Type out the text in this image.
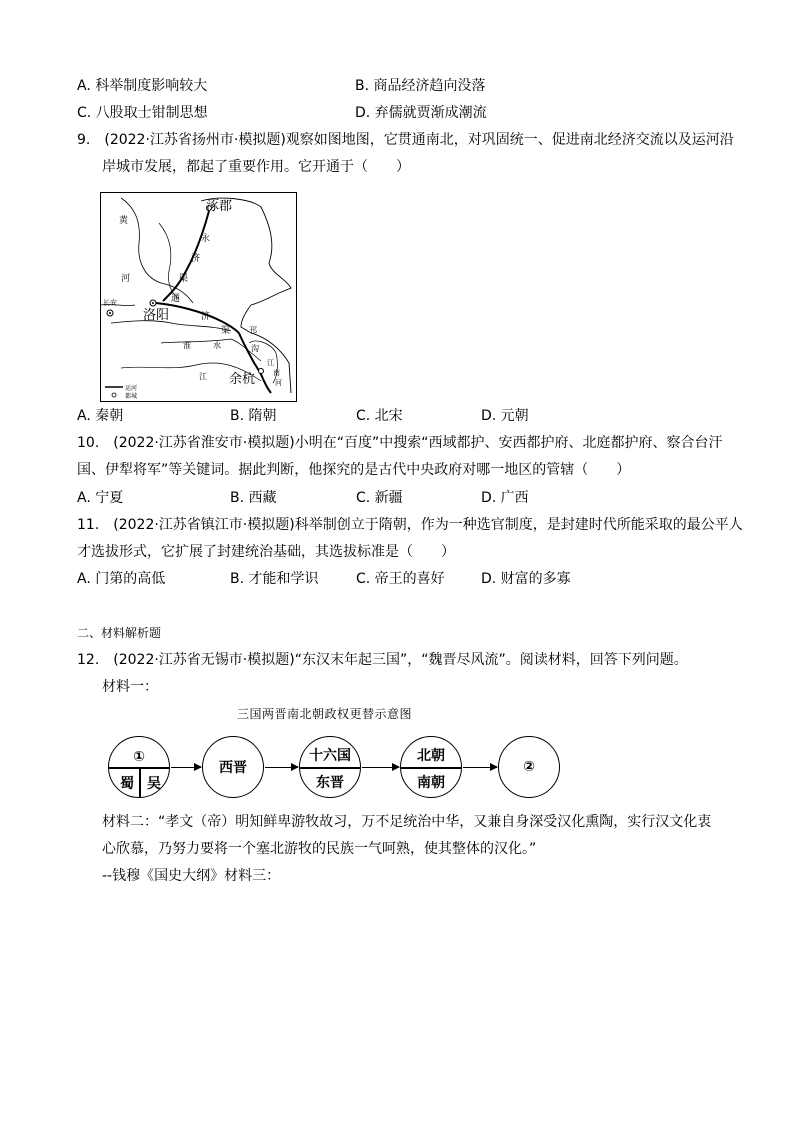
A. 科举制度影响较大	B. 商品经济趋向没落
C. 八股取士钳制思想	D. 弃儒就贾渐成潮流
9.　(2022·江苏省扬州市·模拟题)观察如图地图，它贯通南北，对巩固统一、促进南北经济交流以及运河沿
岸城市发展，都起了重要作用。它开通于（　　）
涿郡
洛阳
长安
余杭
黄
河
永
济
渠
通
济
渠 邗
沟
江
南
河
淮	水
江
运河
都城
A. 秦朝	B. 隋朝	C. 北宋	D. 元朝
10.　(2022·江苏省淮安市·模拟题)小明在“百度”中搜索“西域都护、安西都护府、北庭都护府、察合台汗
国、伊犁将军”等关键词。据此判断，他探究的是古代中央政府对哪一地区的管辖（　　）
A. 宁夏	B. 西藏	C. 新疆	D. 广西
11.　(2022·江苏省镇江市·模拟题)科举制创立于隋朝，作为一种选官制度，是封建时代所能采取的最公平人
才选拔形式，它扩展了封建统治基础，其选拔标准是（　　）
A. 门第的高低	B. 才能和学识	C. 帝王的喜好	D. 财富的多寡
二、材料解析题
12.　(2022·江苏省无锡市·模拟题)“东汉末年起三国”，“魏晋尽风流”。阅读材料，回答下列问题。
材料一：
三国两晋南北朝政权更替示意图
①
蜀 吴
西晋
十六国
东晋
北朝
南朝
②
材料二：“孝文（帝）明知鲜卑游牧故习，万不足统治中华，又兼自身深受汉化熏陶，实行汉文化衷
心欣慕，乃努力要将一个塞北游牧的民族一气呵熟，使其整体的汉化。”
--钱穆《国史大纲》材料三：
